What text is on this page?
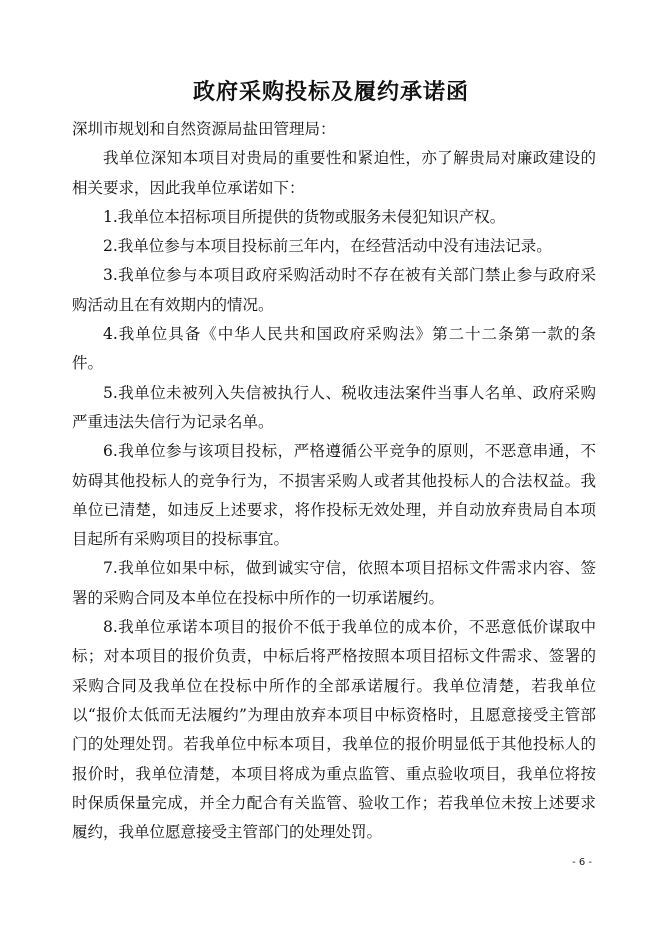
政府采购投标及履约承诺函

深圳市规划和自然资源局盐田管理局：

我单位深知本项目对贵局的重要性和紧迫性，亦了解贵局对廉政建设的相关要求，因此我单位承诺如下：

1.我单位本招标项目所提供的货物或服务未侵犯知识产权。

2.我单位参与本项目投标前三年内，在经营活动中没有违法记录。

3.我单位参与本项目政府采购活动时不存在被有关部门禁止参与政府采购活动且在有效期内的情况。

4.我单位具备《中华人民共和国政府采购法》第二十二条第一款的条件。

5.我单位未被列入失信被执行人、税收违法案件当事人名单、政府采购严重违法失信行为记录名单。

6.我单位参与该项目投标，严格遵循公平竞争的原则，不恶意串通，不妨碍其他投标人的竞争行为，不损害采购人或者其他投标人的合法权益。我单位已清楚，如违反上述要求，将作投标无效处理，并自动放弃贵局自本项目起所有采购项目的投标事宜。

7.我单位如果中标，做到诚实守信，依照本项目招标文件需求内容、签署的采购合同及本单位在投标中所作的一切承诺履约。

8.我单位承诺本项目的报价不低于我单位的成本价，不恶意低价谋取中标；对本项目的报价负责，中标后将严格按照本项目招标文件需求、签署的采购合同及我单位在投标中所作的全部承诺履行。我单位清楚，若我单位以“报价太低而无法履约”为理由放弃本项目中标资格时，且愿意接受主管部门的处理处罚。若我单位中标本项目，我单位的报价明显低于其他投标人的报价时，我单位清楚，本项目将成为重点监管、重点验收项目，我单位将按时保质保量完成，并全力配合有关监管、验收工作；若我单位未按上述要求履约，我单位愿意接受主管部门的处理处罚。

- 6 -
